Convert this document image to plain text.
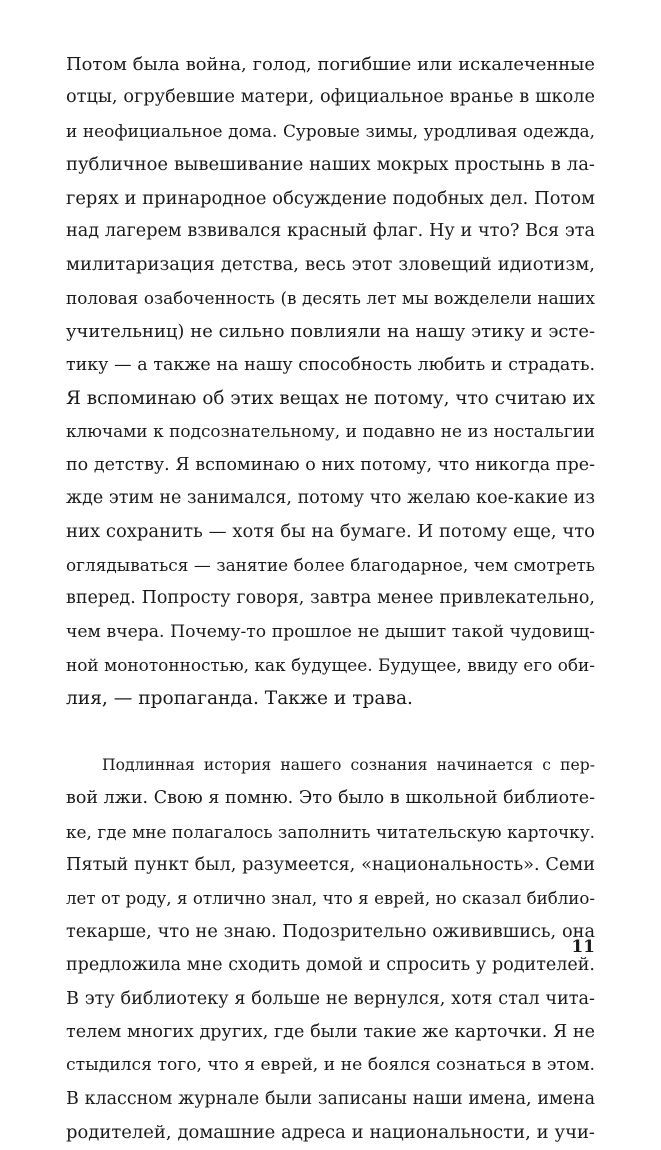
Потом была война, голод, погибшие или искалеченные
отцы, огрубевшие матери, официальное вранье в школе
и неофициальное дома. Суровые зимы, уродливая одежда,
публичное вывешивание наших мокрых простынь в ла-
герях и принародное обсуждение подобных дел. Потом
над лагерем взвивался красный флаг. Ну и что? Вся эта
милитаризация детства, весь этот зловещий идиотизм,
половая озабоченность (в десять лет мы вожделели наших
учительниц) не сильно повлияли на нашу этику и эсте-
тику — а также на нашу способность любить и страдать.
Я вспоминаю об этих вещах не потому, что считаю их
ключами к подсознательному, и подавно не из ностальгии
по детству. Я вспоминаю о них потому, что никогда пре-
жде этим не занимался, потому что желаю кое-какие из
них сохранить — хотя бы на бумаге. И потому еще, что
оглядываться — занятие более благодарное, чем смотреть
вперед. Попросту говоря, завтра менее привлекательно,
чем вчера. Почему-то прошлое не дышит такой чудовищ-
ной монотонностью, как будущее. Будущее, ввиду его оби-
лия, — пропаганда. Также и трава.
Подлинная история нашего сознания начинается с пер-
вой лжи. Свою я помню. Это было в школьной библиоте-
ке, где мне полагалось заполнить читательскую карточку.
Пятый пункт был, разумеется, «национальность». Семи
лет от роду, я отлично знал, что я еврей, но сказал библио-
текарше, что не знаю. Подозрительно оживившись, она
предложила мне сходить домой и спросить у родителей.
В эту библиотеку я больше не вернулся, хотя стал чита-
телем многих других, где были такие же карточки. Я не
стыдился того, что я еврей, и не боялся сознаться в этом.
В классном журнале были записаны наши имена, имена
родителей, домашние адреса и национальности, и учи-
11
